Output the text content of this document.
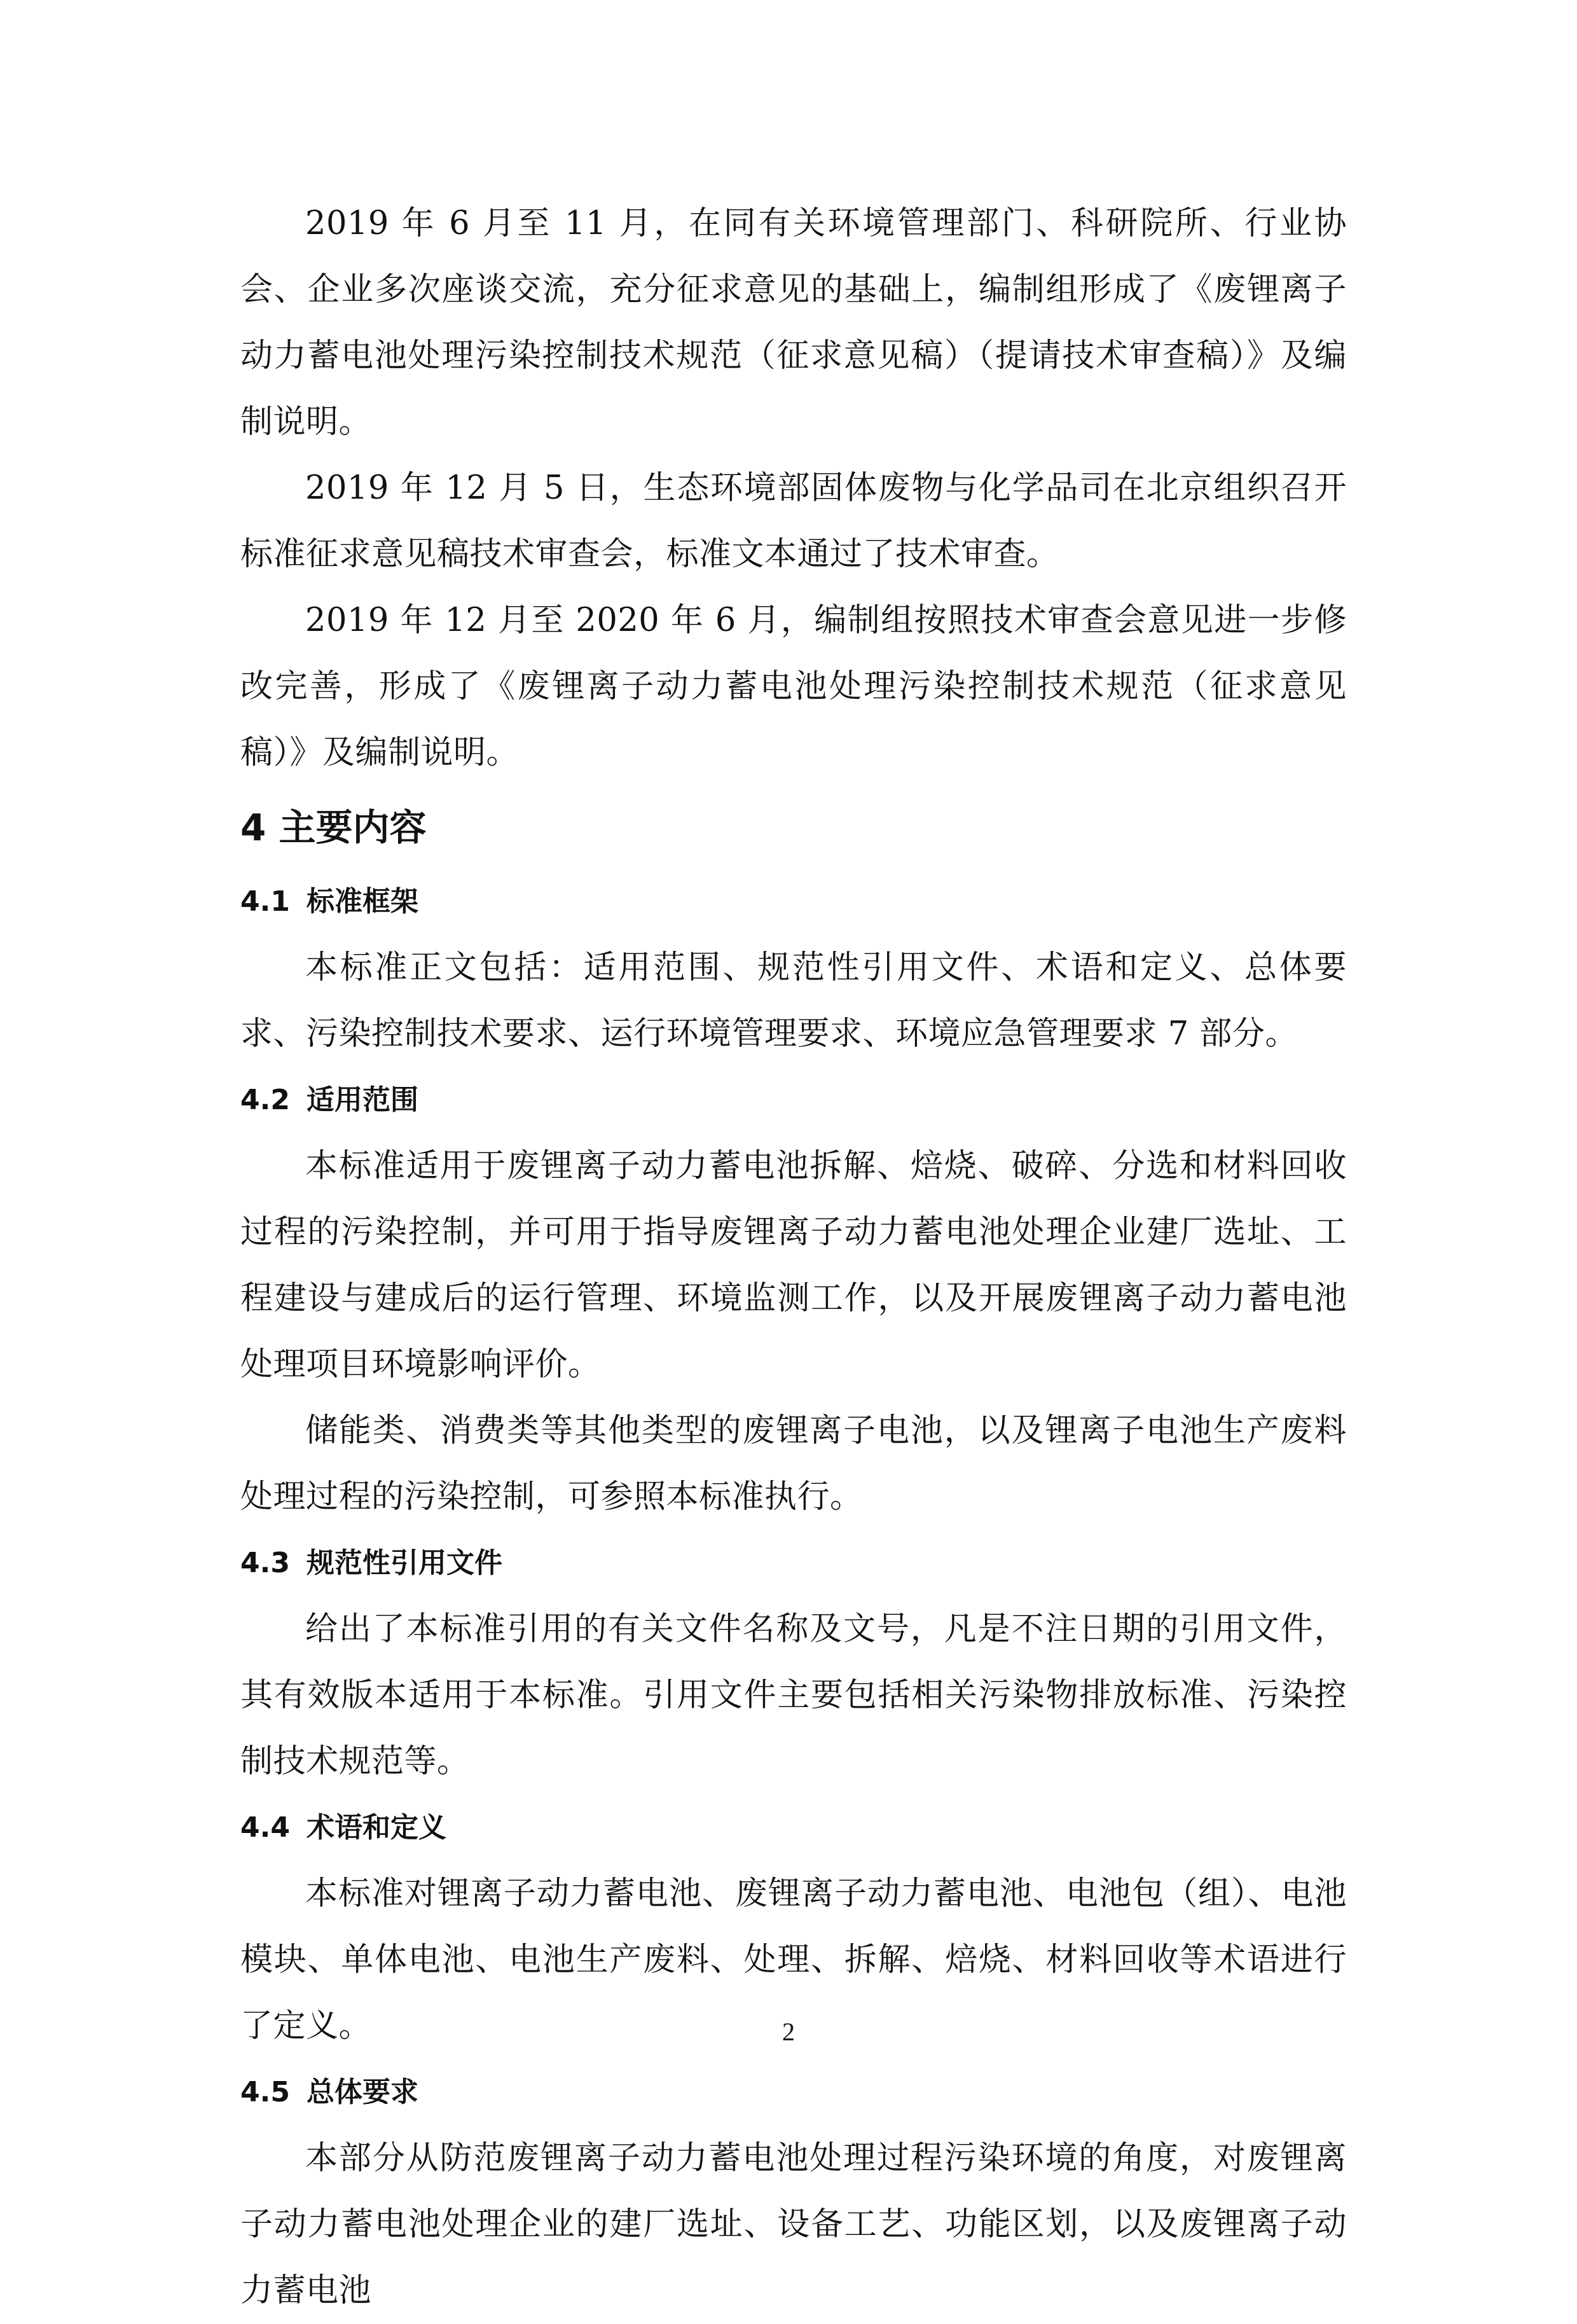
2019 年 6 月至 11 月，在同有关环境管理部门、科研院所、行业协会、企业多次座谈交流，充分征求意见的基础上，编制组形成了《废锂离子动力蓄电池处理污染控制技术规范（征求意见稿）（提请技术审查稿）》及编制说明。

2019 年 12 月 5 日，生态环境部固体废物与化学品司在北京组织召开标准征求意见稿技术审查会，标准文本通过了技术审查。

2019 年 12 月至 2020 年 6 月，编制组按照技术审查会意见进一步修改完善，形成了《废锂离子动力蓄电池处理污染控制技术规范（征求意见稿）》及编制说明。

4 主要内容
4.1 标准框架

本标准正文包括：适用范围、规范性引用文件、术语和定义、总体要求、污染控制技术要求、运行环境管理要求、环境应急管理要求 7 部分。

4.2 适用范围

本标准适用于废锂离子动力蓄电池拆解、焙烧、破碎、分选和材料回收过程的污染控制，并可用于指导废锂离子动力蓄电池处理企业建厂选址、工程建设与建成后的运行管理、环境监测工作，以及开展废锂离子动力蓄电池处理项目环境影响评价。

储能类、消费类等其他类型的废锂离子电池，以及锂离子电池生产废料处理过程的污染控制，可参照本标准执行。

4.3 规范性引用文件

给出了本标准引用的有关文件名称及文号，凡是不注日期的引用文件，其有效版本适用于本标准。引用文件主要包括相关污染物排放标准、污染控制技术规范等。

4.4 术语和定义

本标准对锂离子动力蓄电池、废锂离子动力蓄电池、电池包（组）、电池模块、单体电池、电池生产废料、处理、拆解、焙烧、材料回收等术语进行了定义。

4.5 总体要求

本部分从防范废锂离子动力蓄电池处理过程污染环境的角度，对废锂离子动力蓄电池处理企业的建厂选址、设备工艺、功能区划，以及废锂离子动力蓄电池

2
